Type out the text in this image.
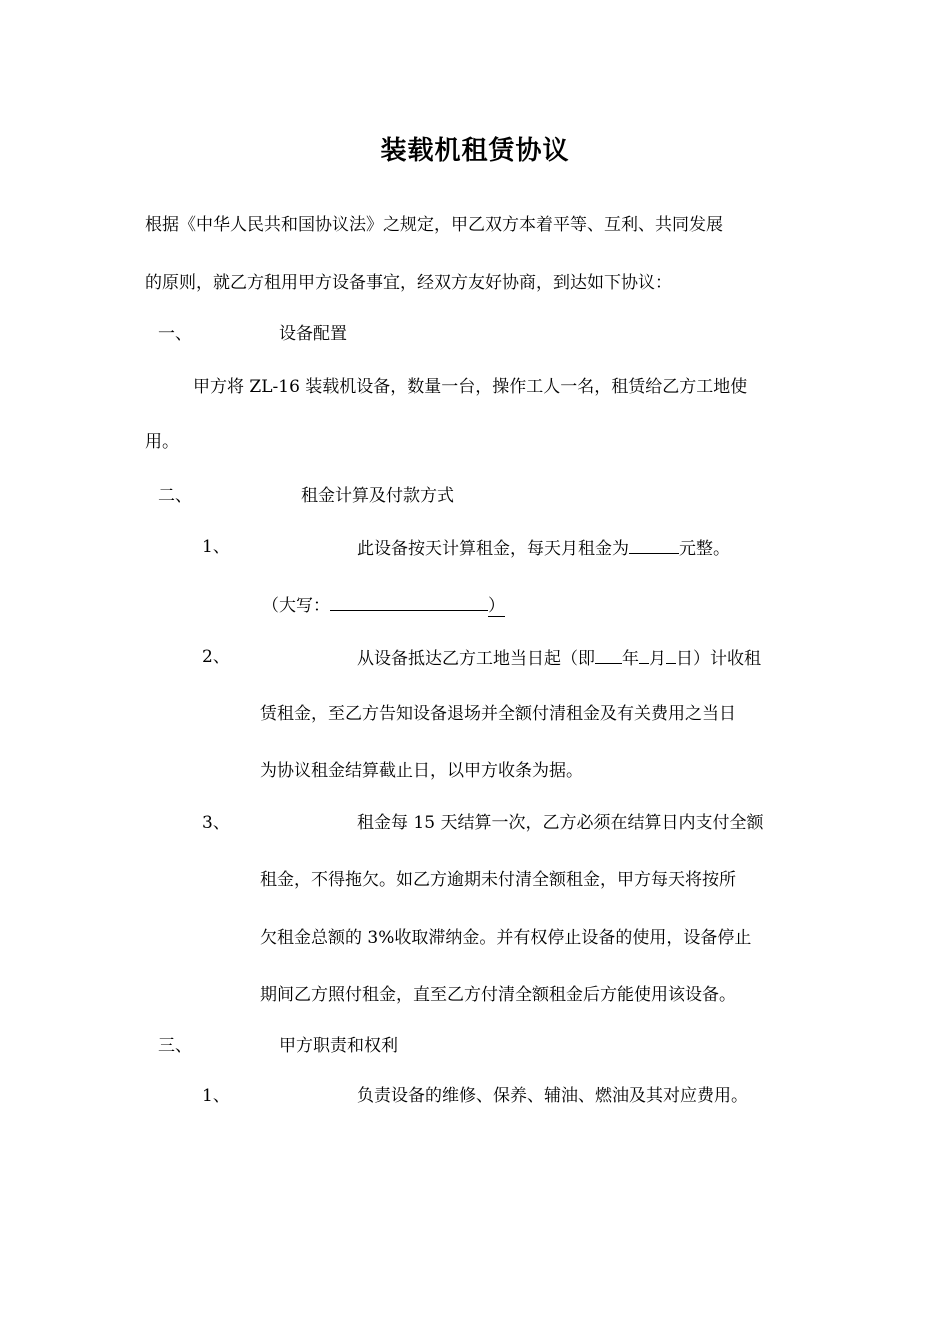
装载机租赁协议
根据《中华人民共和国协议法》之规定，甲乙双方本着平等、互利、共同发展
的原则，就乙方租用甲方设备事宜，经双方友好协商，到达如下协议：
一、	设备配置
甲方将 ZL-16 装载机设备，数量一台，操作工人一名，租赁给乙方工地使
用。
二、	租金计算及付款方式
1、	此设备按天计算租金，每天月租金为	元整。
（大写：	）
2、	从设备抵达乙方工地当日起（即 年 月 日）计收租
赁租金，至乙方告知设备退场并全额付清租金及有关费用之当日
为协议租金结算截止日，以甲方收条为据。
3、	租金每 15 天结算一次，乙方必须在结算日内支付全额
租金，不得拖欠。如乙方逾期未付清全额租金，甲方每天将按所
欠租金总额的 3%收取滞纳金。并有权停止设备的使用，设备停止
期间乙方照付租金，直至乙方付清全额租金后方能使用该设备。
三、	甲方职责和权利
1、	负责设备的维修、保养、辅油、燃油及其对应费用。
